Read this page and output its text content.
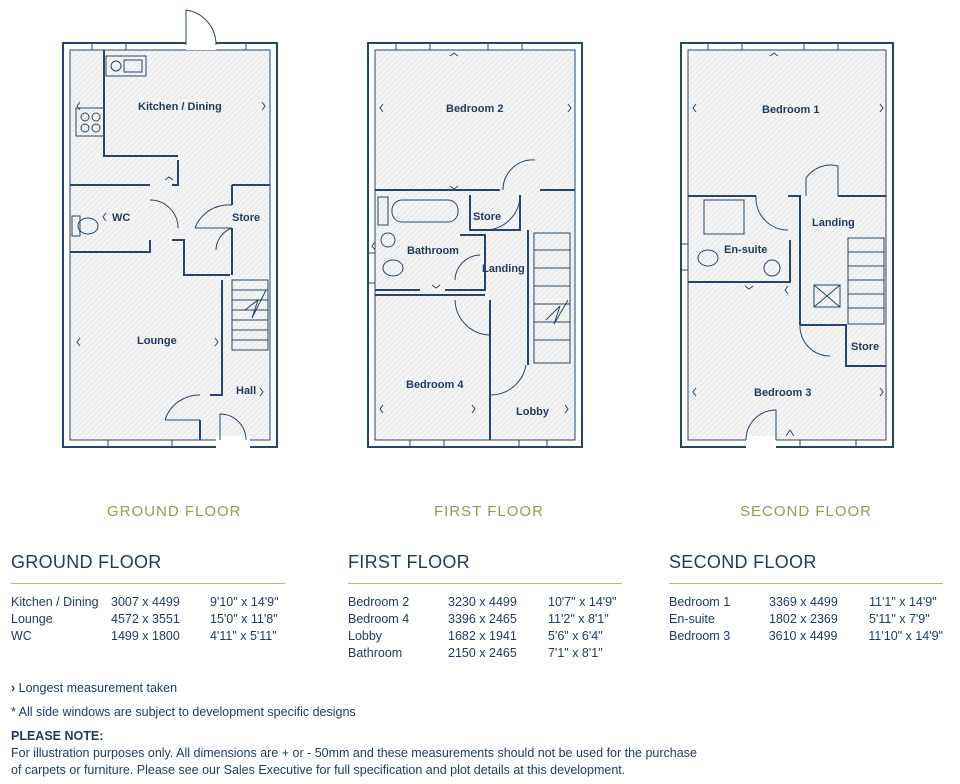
Kitchen / Dining
WC	Store
Lounge
Hall
Bedroom 2
Store
Bathroom
Landing
Bedroom 4
Lobby
Bedroom 1
Landing
En-suite
Store
Bedroom 3
GROUND FLOOR	FIRST FLOOR	SECOND FLOOR
GROUND FLOOR
Kitchen / Dining 3007 x 4499	9'10" x 14'9"
Lounge	4572 x 3551	15'0" x 11'8"
WC	1499 x 1800	4'11" x 5'11"
FIRST FLOOR
Bedroom 2	3230 x 4499	10'7" x 14'9"
Bedroom 4	3396 x 2465	11'2" x 8'1"
Lobby	1682 x 1941	5'6" x 6'4"
Bathroom	2150 x 2465	7'1" x 8'1"
SECOND FLOOR
Bedroom 1	3369 x 4499	11'1" x 14'9"
En-suite	1802 x 2369	5'11" x 7'9"
Bedroom 3	3610 x 4499	11'10" x 14'9"

› Longest measurement taken

* All side windows are subject to development specific designs

PLEASE NOTE:

For illustration purposes only. All dimensions are + or - 50mm and these measurements should not be used for the purchase

of carpets or furniture. Please see our Sales Executive for full specification and plot details at this development.
